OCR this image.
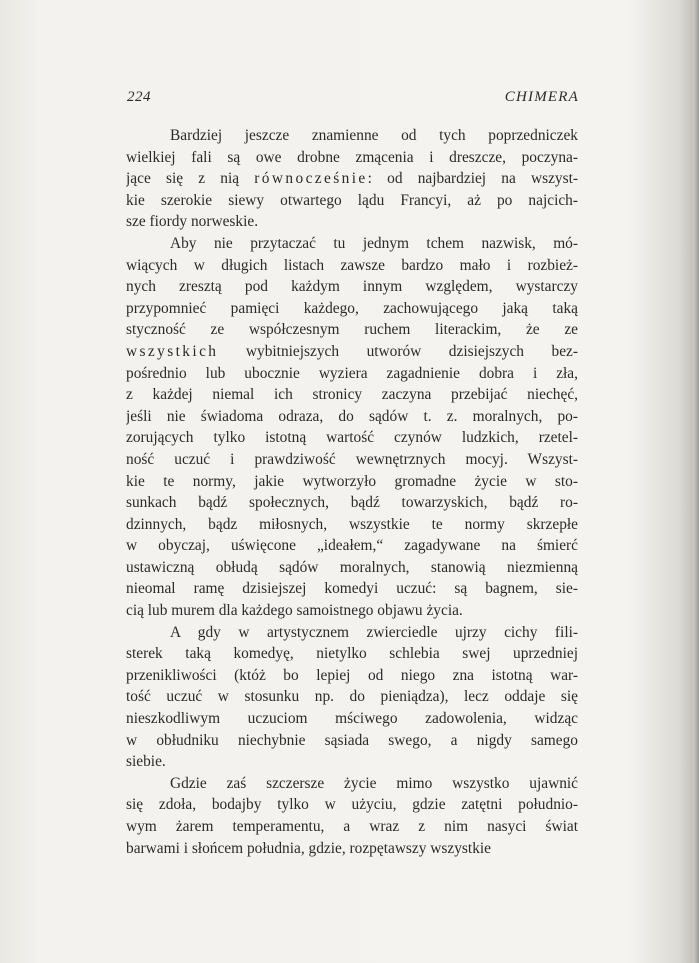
224	CHIMERA
Bardziej jeszcze znamienne od tych poprzedniczek
wielkiej fali są owe drobne zmącenia i dreszcze, poczyna-
jące się z nią równocześnie: od najbardziej na wszyst-
kie szerokie siewy otwartego lądu Francyi, aż po najcich-
sze fiordy norweskie.
Aby nie przytaczać tu jednym tchem nazwisk, mó-
wiących w długich listach zawsze bardzo mało i rozbież-
nych zresztą pod każdym innym względem, wystarczy
przypomnieć pamięci każdego, zachowującego jaką taką
styczność ze współczesnym ruchem literackim, że ze
wszystkich wybitniejszych utworów dzisiejszych bez-
pośrednio lub ubocznie wyziera zagadnienie dobra i zła,
z każdej niemal ich stronicy zaczyna przebijać niechęć,
jeśli nie świadoma odraza, do sądów t. z. moralnych, po-
zorujących tylko istotną wartość czynów ludzkich, rzetel-
ność uczuć i prawdziwość wewnętrznych mocyj. Wszyst-
kie te normy, jakie wytworzyło gromadne życie w sto-
sunkach bądź społecznych, bądź towarzyskich, bądź ro-
dzinnych, bądz miłosnych, wszystkie te normy skrzepłe
w obyczaj, uświęcone „ideałem,“ zagadywane na śmierć
ustawiczną obłudą sądów moralnych, stanowią niezmienną
nieomal ramę dzisiejszej komedyi uczuć: są bagnem, sie-
cią lub murem dla każdego samoistnego objawu życia.
A gdy w artystycznem zwierciedle ujrzy cichy fili-
sterek taką komedyę, nietylko schlebia swej uprzedniej
przenikliwości (któż bo lepiej od niego zna istotną war-
tość uczuć w stosunku np. do pieniądza), lecz oddaje się
nieszkodliwym uczuciom mściwego zadowolenia, widząc
w obłudniku niechybnie sąsiada swego, a nigdy samego
siebie.
Gdzie zaś szczersze życie mimo wszystko ujawnić
się zdoła, bodajby tylko w użyciu, gdzie zatętni południo-
wym żarem temperamentu, a wraz z nim nasyci świat
barwami i słońcem południa, gdzie, rozpętawszy wszystkie
